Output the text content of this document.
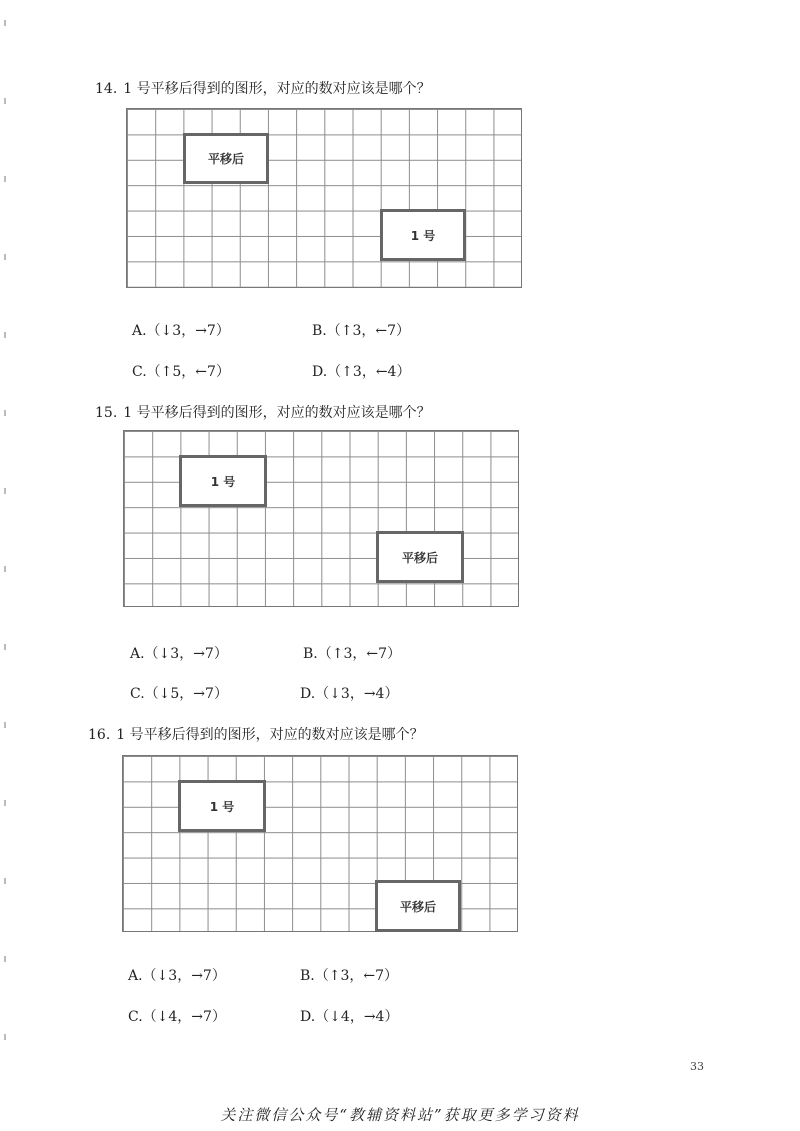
14. 1 号平移后得到的图形，对应的数对应该是哪个？
平移后
1 号
A.（↓3，→7）	B.（↑3，←7）
C.（↑5，←7）	D.（↑3，←4）
15. 1 号平移后得到的图形，对应的数对应该是哪个？
1 号
平移后
A.（↓3，→7）	B.（↑3，←7）
C.（↓5，→7）	D.（↓3，→4）
16. 1 号平移后得到的图形，对应的数对应该是哪个？
1 号
平移后
A.（↓3，→7）	B.（↑3，←7）
C.（↓4，→7）	D.（↓4，→4）
33
关注微信公众号“教辅资料站”获取更多学习资料
